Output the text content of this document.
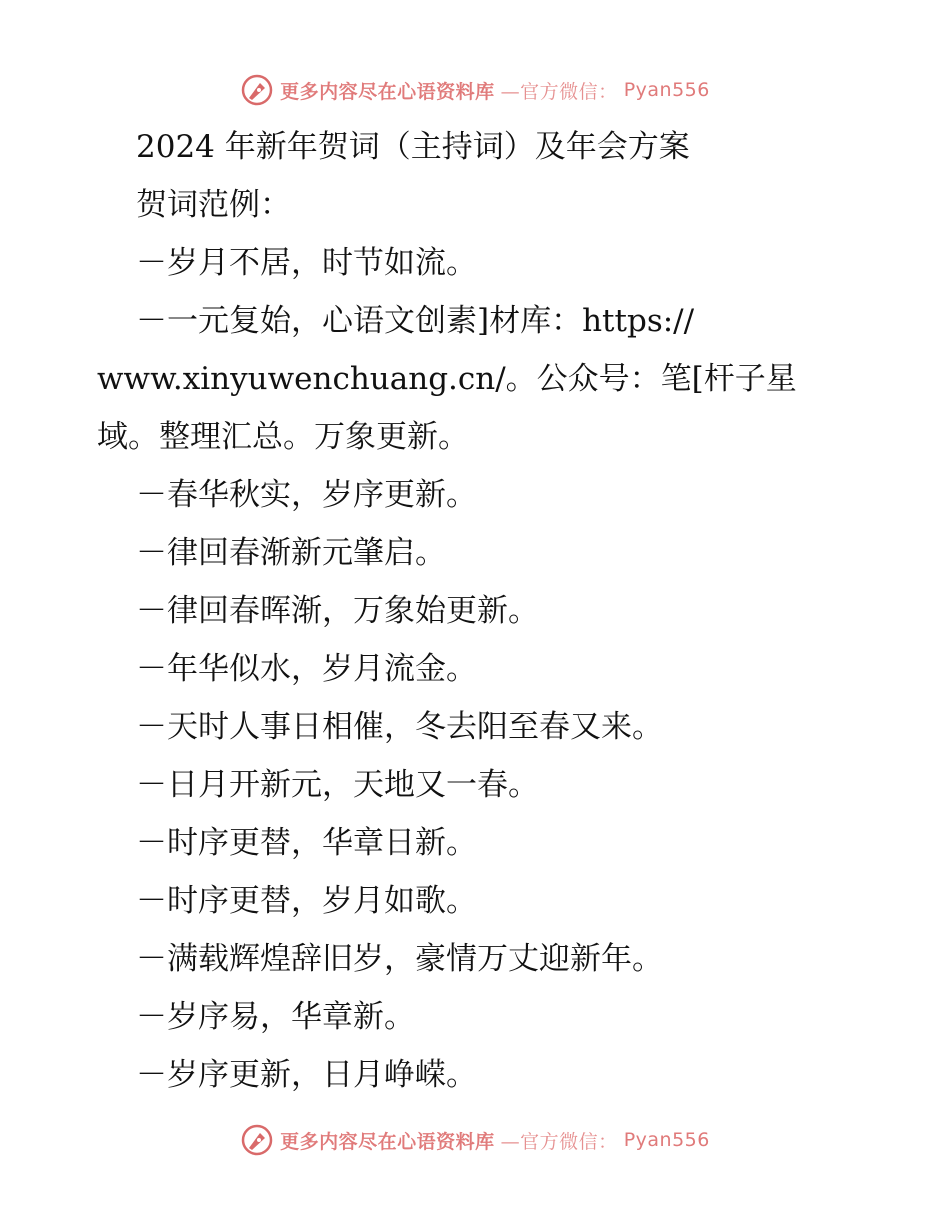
更多内容尽在心语资料库 —官方微信： Pyan556
2024 年新年贺词（主持词）及年会方案
贺词范例：
－岁月不居，时节如流。
－一元复始，心语文创素]材库：https://
www.xinyuwenchuang.cn/。公众号：笔[杆子星
域。整理汇总。万象更新。
－春华秋实，岁序更新。
－律回春渐新元肇启。
－律回春晖渐，万象始更新。
－年华似水，岁月流金。
－天时人事日相催，冬去阳至春又来。
－日月开新元，天地又一春。
－时序更替，华章日新。
－时序更替，岁月如歌。
－满载辉煌辞旧岁，豪情万丈迎新年。
－岁序易，华章新。
－岁序更新，日月峥嵘。
更多内容尽在心语资料库 —官方微信： Pyan556
